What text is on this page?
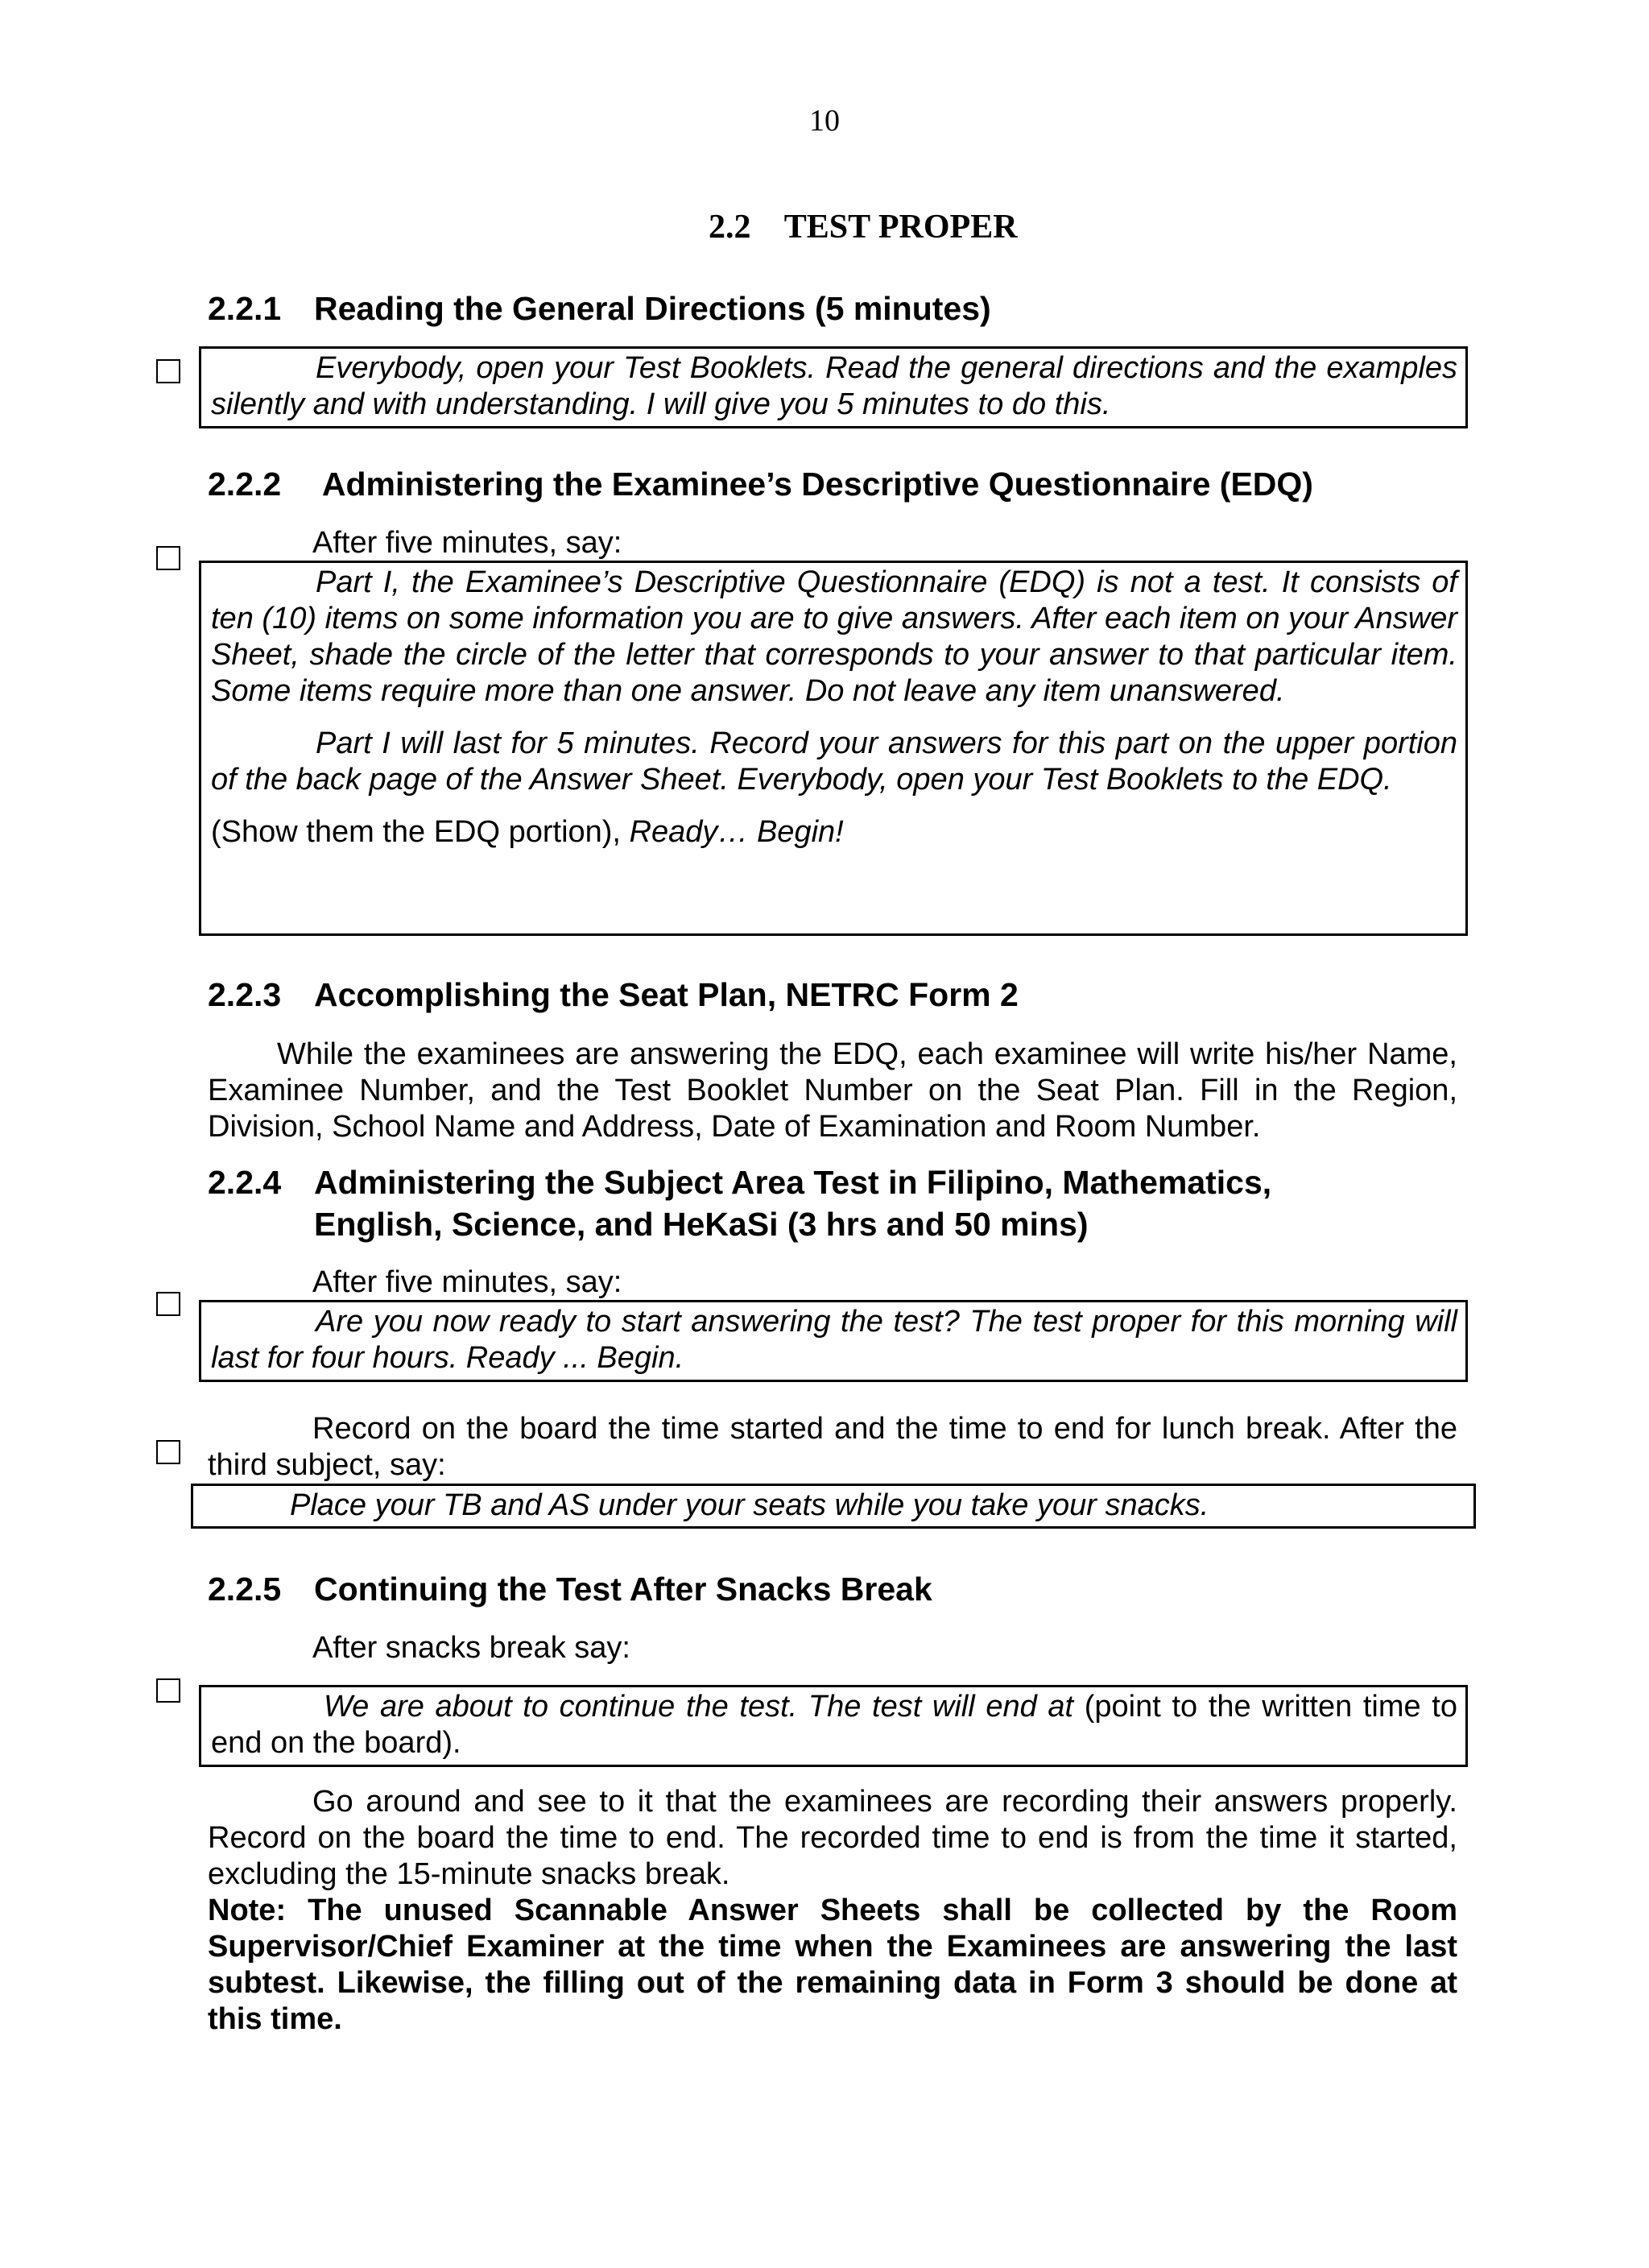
10
2.2    TEST PROPER
2.2.1 Reading the General Directions (5 minutes)

Everybody, open your Test Booklets. Read the general directions and the examples silently and with understanding. I will give you 5 minutes to do this.

2.2.2 Administering the Examinee’s Descriptive Questionnaire (EDQ)
After five minutes, say:

Part I, the Examinee’s Descriptive Questionnaire (EDQ) is not a test. It consists of ten (10) items on some information you are to give answers. After each item on your Answer Sheet, shade the circle of the letter that corresponds to your answer to that particular item. Some items require more than one answer. Do not leave any item unanswered.

Part I will last for 5 minutes. Record your answers for this part on the upper portion of the back page of the Answer Sheet. Everybody, open your Test Booklets to the EDQ.

(Show them the EDQ portion), Ready… Begin!

2.2.3 Accomplishing the Seat Plan, NETRC Form 2
While the examinees are answering the EDQ, each examinee will write his/her Name, Examinee Number, and the Test Booklet Number on the Seat Plan. Fill in the Region, Division, School Name and Address, Date of Examination and Room Number.
2.2.4 Administering the Subject Area Test in Filipino, Mathematics,
English, Science, and HeKaSi (3 hrs and 50 mins)
After five minutes, say:

Are you now ready to start answering the test? The test proper for this morning will last for four hours. Ready ... Begin.

Record on the board the time started and the time to end for lunch break. After the third subject, say:

Place your TB and AS under your seats while you take your snacks.

2.2.5 Continuing the Test After Snacks Break
After snacks break say:

We are about to continue the test. The test will end at (point to the written time to end on the board).

Go around and see to it that the examinees are recording their answers properly. Record on the board the time to end. The recorded time to end is from the time it started, excluding the 15-minute snacks break.
Note: The unused Scannable Answer Sheets shall be collected by the Room Supervisor/Chief Examiner at the time when the Examinees are answering the last subtest. Likewise, the filling out of the remaining data in Form 3 should be done at this time.
